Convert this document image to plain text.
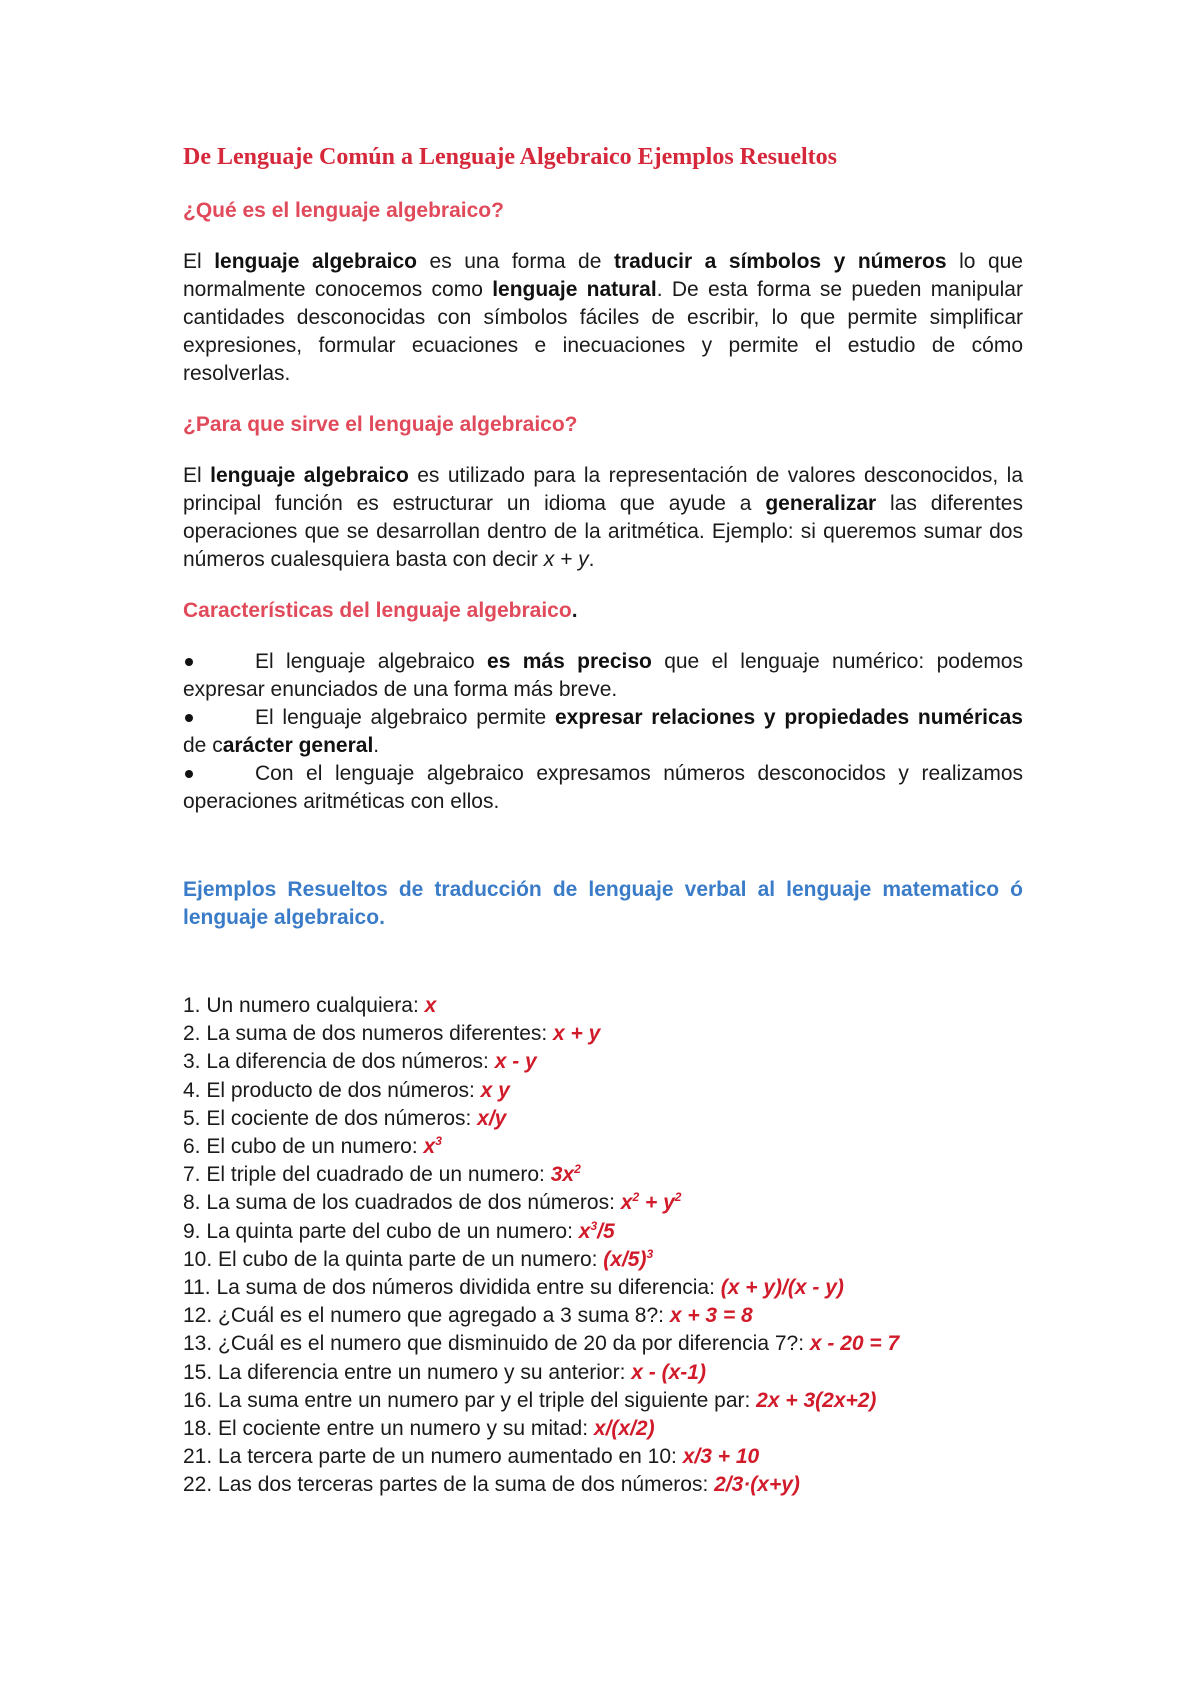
De Lenguaje Común a Lenguaje Algebraico Ejemplos Resueltos
¿Qué es el lenguaje algebraico?

El lenguaje algebraico es una forma de traducir a símbolos y números lo que normalmente conocemos como lenguaje natural. De esta forma se pueden manipular cantidades desconocidas con símbolos fáciles de escribir, lo que permite simplificar expresiones, formular ecuaciones e inecuaciones y permite el estudio de cómo resolverlas.

¿Para que sirve el lenguaje algebraico?

El lenguaje algebraico es utilizado para la representación de valores desconocidos, la principal función es estructurar un idioma que ayude a generalizar las diferentes operaciones que se desarrollan dentro de la aritmética. Ejemplo: si queremos sumar dos números cualesquiera basta con decir x + y.

Características del lenguaje algebraico.
El lenguaje algebraico es más preciso que el lenguaje numérico: podemos expresar enunciados de una forma más breve.
El lenguaje algebraico permite expresar relaciones y propiedades numéricas de carácter general.
Con el lenguaje algebraico expresamos números desconocidos y realizamos operaciones aritméticas con ellos.
Ejemplos Resueltos de traducción de lenguaje verbal al lenguaje matematico ó lenguaje algebraico.
1. Un numero cualquiera: x
2. La suma de dos numeros diferentes: x + y
3. La diferencia de dos números: x - y
4. El producto de dos números: x y
5. El cociente de dos números: x/y
6. El cubo de un numero: $x^3$
7. El triple del cuadrado de un numero: $3x^2$
8. La suma de los cuadrados de dos números: $x^2 + y^2$
9. La quinta parte del cubo de un numero: $x^3/5$
10. El cubo de la quinta parte de un numero: $(x/5)^3$
11. La suma de dos números dividida entre su diferencia: (x + y)/(x - y)
12. ¿Cuál es el numero que agregado a 3 suma 8?: x + 3 = 8
13. ¿Cuál es el numero que disminuido de 20 da por diferencia 7?: x - 20 = 7
15. La diferencia entre un numero y su anterior: x - (x-1)
16. La suma entre un numero par y el triple del siguiente par: 2x + 3(2x+2)
18. El cociente entre un numero y su mitad: x/(x/2)
21. La tercera parte de un numero aumentado en 10: x/3 + 10
22. Las dos terceras partes de la suma de dos números: 2/3·(x+y)
